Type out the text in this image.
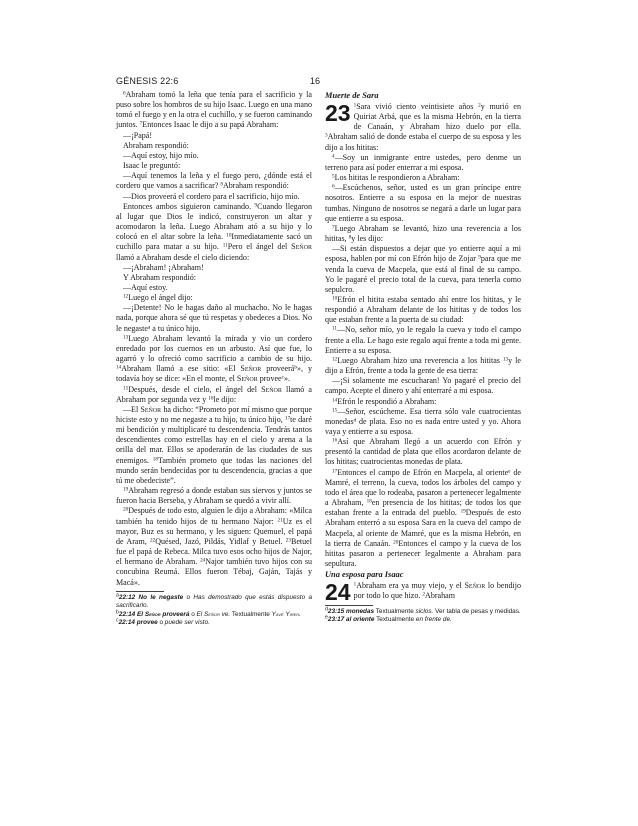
GÉNESIS 22:6	16

$^6$Abraham tomó la leña que tenía para el sacrificio y la puso sobre los hombros de su hijo Isaac. Luego en una mano tomó el fuego y en la otra el cuchillo, y se fueron caminando juntos. $^7$Entonces Isaac le dijo a su papá Abraham:

—¡Papá!

Abraham respondió:

—Aquí estoy, hijo mío.

Isaac le preguntó:

—Aquí tenemos la leña y el fuego pero, ¿dónde está el cordero que vamos a sacrificar? $^8$Abraham respondió:

—Dios proveerá el cordero para el sacrificio, hijo mío.

Entonces ambos siguieron caminando. $^9$Cuando llegaron al lugar que Dios le indicó, construyeron un altar y acomodaron la leña. Luego Abraham ató a su hijo y lo colocó en el altar sobre la leña. $^{10}$Inmediatamente sacó un cuchillo para matar a su hijo. $^{11}$Pero el ángel del Señor llamó a Abraham desde el cielo diciendo:

—¡Abraham! ¡Abraham!

Y Abraham respondió:

—Aquí estoy.

$^{12}$Luego el ángel dijo:

—¡Detente! No le hagas daño al muchacho. No le hagas nada, porque ahora sé que tú respetas y obedeces a Dios. No le negaste$^a$ a tu único hijo.

$^{13}$Luego Abraham levantó la mirada y vio un cordero enredado por los cuernos en un arbusto. Así que fue, lo agarró y lo ofreció como sacrificio a cambio de su hijo. $^{14}$Abraham llamó a ese sitio: «El Señor proveerá$^b$», y todavía hoy se dice: «En el monte, el Señor provee$^c$».

$^{15}$Después, desde el cielo, el ángel del Señor llamó a Abraham por segunda vez y $^{16}$le dijo:

—El Señor ha dicho: “Prometo por mí mismo que porque hiciste esto y no me negaste a tu hijo, tu único hijo, $^{17}$te daré mi bendición y multiplicaré tu descendencia. Tendrás tantos descendientes como estrellas hay en el cielo y arena a la orilla del mar. Ellos se apoderarán de las ciudades de sus enemigos. $^{18}$También prometo que todas las naciones del mundo serán bendecidas por tu descendencia, gracias a que tú me obedeciste”.

$^{19}$Abraham regresó a donde estaban sus siervos y juntos se fueron hacia Berseba, y Abraham se quedó a vivir allí.

$^{20}$Después de todo esto, alguien le dijo a Abraham: «Milca también ha tenido hijos de tu hermano Najor: $^{21}$Uz es el mayor, Buz es su hermano, y les siguen: Quemuel, el papá de Aram, $^{22}$Quésed, Jazó, Pildás, Yidlaf y Betuel. $^{23}$Betuel fue el papá de Rebeca. Milca tuvo esos ocho hijos de Najor, el hermano de Abraham. $^{24}$Najor también tuvo hijos con su concubina Reumá. Ellos fueron Tébaj, Gaján, Tajás y Macá».

$^a$22:12 No le negaste o Has demostrado que estás dispuesto a sacrificarlo.

$^b$22:14 El Señor proveerá o El Señor ve. Textualmente Yavé Yireh.

$^c$22:14 provee o puede ser visto.

Muerte de Sara

23 $^1$Sara vivió ciento veintisiete años $^2$y murió en Quiriat Arbá, que es la misma Hebrón, en la tierra de Canaán, y Abraham hizo duelo por ella. $^3$Abraham salió de donde estaba el cuerpo de su esposa y les dijo a los hititas:

$^4$—Soy un inmigrante entre ustedes, pero denme un terreno para así poder enterrar a mi esposa.

$^5$Los hititas le respondieron a Abraham:

$^6$—Escúchenos, señor, usted es un gran príncipe entre nosotros. Entierre a su esposa en la mejor de nuestras tumbas. Ninguno de nosotros se negará a darle un lugar para que entierre a su esposa.

$^7$Luego Abraham se levantó, hizo una reverencia a los hititas, $^8$y les dijo:

—Si están dispuestos a dejar que yo entierre aquí a mi esposa, hablen por mí con Efrón hijo de Zojar $^9$para que me venda la cueva de Macpela, que está al final de su campo. Yo le pagaré el precio total de la cueva, para tenerla como sepulcro.

$^{10}$Efrón el hitita estaba sentado ahí entre los hititas, y le respondió a Abraham delante de los hititas y de todos los que estaban frente a la puerta de su ciudad:

$^{11}$—No, señor mío, yo le regalo la cueva y todo el campo frente a ella. Le hago este regalo aquí frente a toda mi gente. Entierre a su esposa.

$^{12}$Luego Abraham hizo una reverencia a los hititas $^{13}$y le dijo a Efrón, frente a toda la gente de esa tierra:

—¡Si solamente me escucharan! Yo pagaré el precio del campo. Acepte el dinero y ahí enterraré a mi esposa.

$^{14}$Efrón le respondió a Abraham:

$^{15}$—Señor, escúcheme. Esa tierra sólo vale cuatrocientas monedas$^d$ de plata. Eso no es nada entre usted y yo. Ahora vaya y entierre a su esposa.

$^{16}$Así que Abraham llegó a un acuerdo con Efrón y presentó la cantidad de plata que ellos acordaron delante de los hititas; cuatrocientas monedas de plata.

$^{17}$Entonces el campo de Efrón en Macpela, al oriente$^e$ de Mamré, el terreno, la cueva, todos los árboles del campo y todo el área que lo rodeaba, pasaron a pertenecer legalmente a Abraham, $^{18}$en presencia de los hititas; de todos los que estaban frente a la entrada del pueblo. $^{19}$Después de esto Abraham enterró a su esposa Sara en la cueva del campo de Macpela, al oriente de Mamré, que es la misma Hebrón, en la tierra de Canaán. $^{20}$Entonces el campo y la cueva de los hititas pasaron a pertenecer legalmente a Abraham para sepultura.

Una esposa para Isaac

24 $^1$Abraham era ya muy viejo, y el Señor lo bendijo por todo lo que hizo. $^2$Abraham

$^d$23:15 monedas Textualmente siclos. Ver tabla de pesas y medidas.

$^e$23:17 al oriente Textualmente en frente de.
